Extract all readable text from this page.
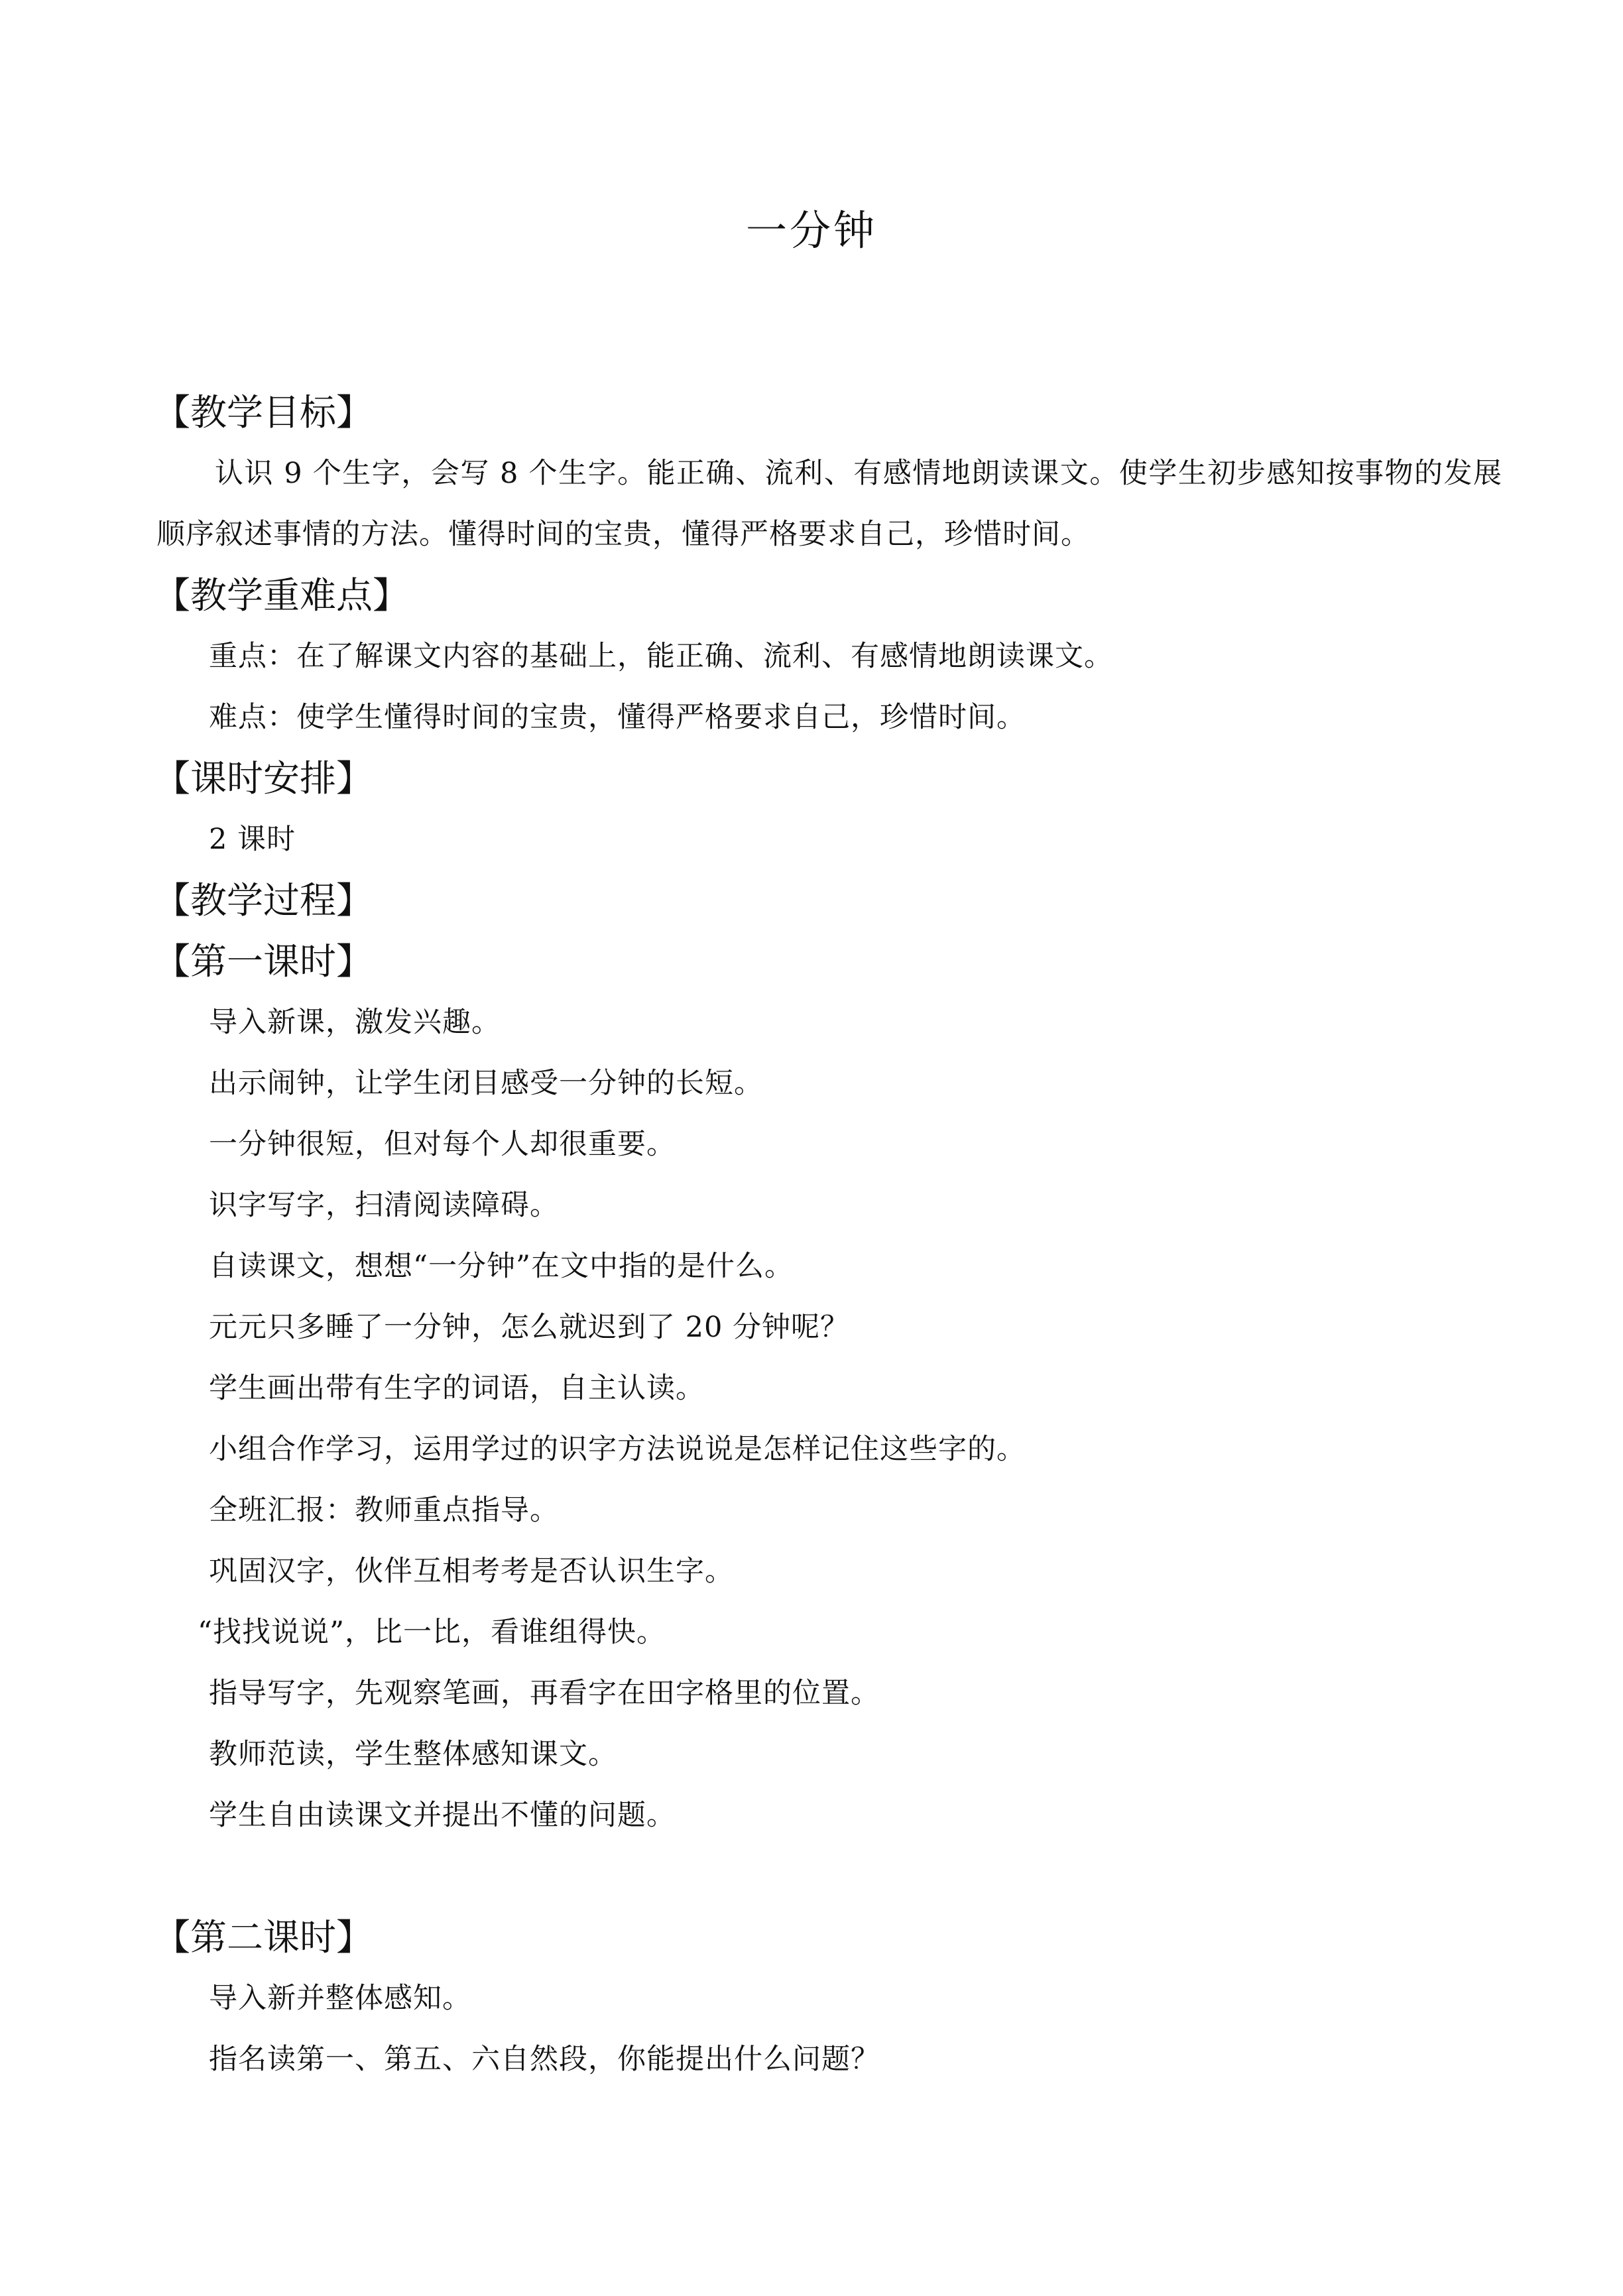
一分钟
【教学目标】
认识 9 个生字，会写 8 个生字。能正确、流利、有感情地朗读课文。使学生初步感知按事物的发展顺序叙述事情的方法。懂得时间的宝贵，懂得严格要求自己，珍惜时间。
【教学重难点】
重点：在了解课文内容的基础上，能正确、流利、有感情地朗读课文。
难点：使学生懂得时间的宝贵，懂得严格要求自己，珍惜时间。
【课时安排】
2 课时
【教学过程】
【第一课时】
导入新课，激发兴趣。
出示闹钟，让学生闭目感受一分钟的长短。
一分钟很短，但对每个人却很重要。
识字写字，扫清阅读障碍。
自读课文，想想“一分钟”在文中指的是什么。
元元只多睡了一分钟，怎么就迟到了 20 分钟呢？
学生画出带有生字的词语，自主认读。
小组合作学习，运用学过的识字方法说说是怎样记住这些字的。
全班汇报：教师重点指导。
巩固汉字，伙伴互相考考是否认识生字。
“找找说说”，比一比，看谁组得快。
指导写字，先观察笔画，再看字在田字格里的位置。
教师范读，学生整体感知课文。
学生自由读课文并提出不懂的问题。
【第二课时】
导入新并整体感知。
指名读第一、第五、六自然段，你能提出什么问题？
